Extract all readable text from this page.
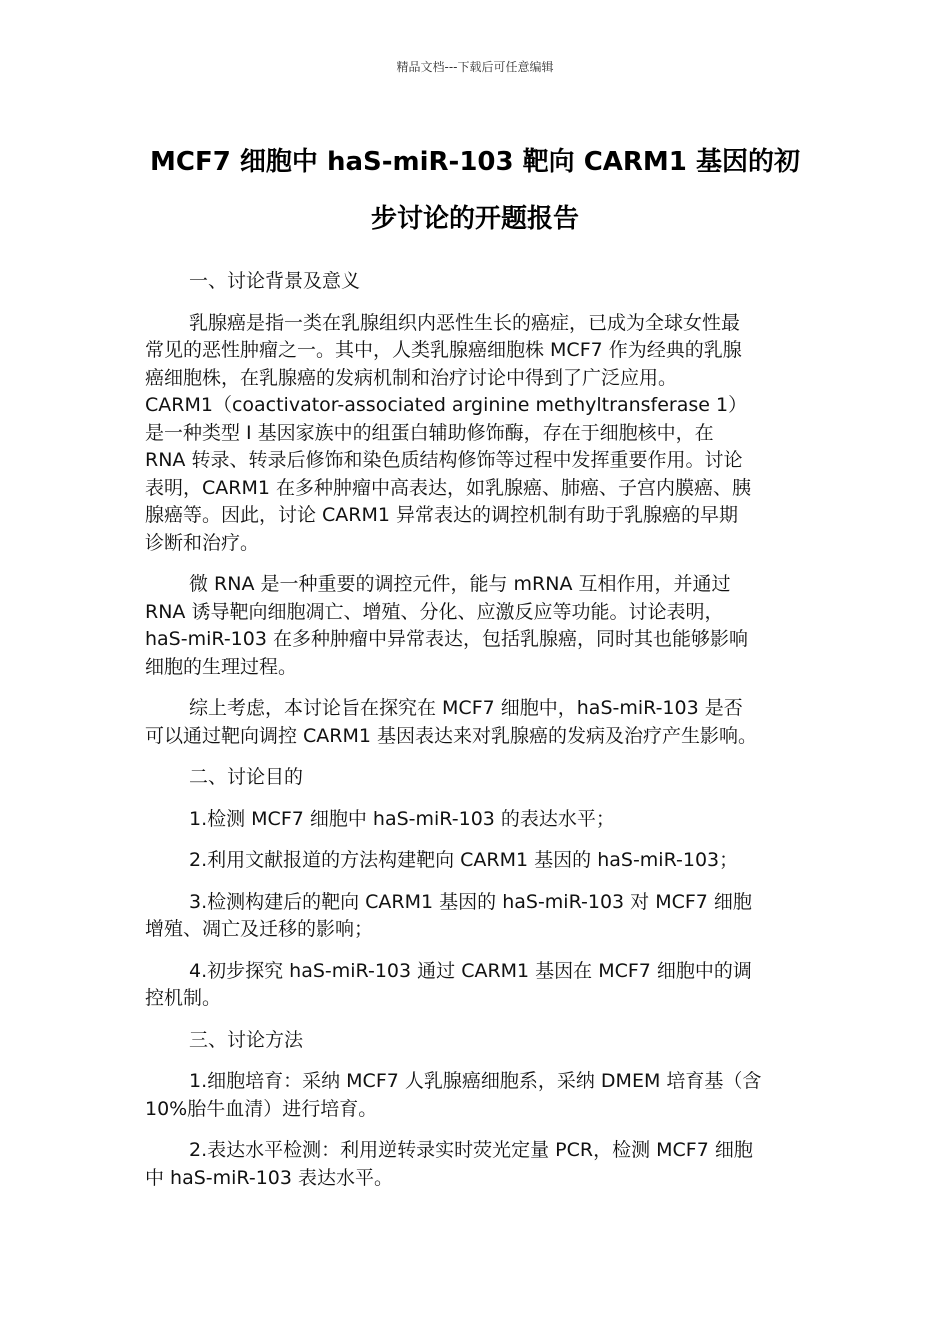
精品文档---下载后可任意编辑
MCF7 细胞中 haS-miR-103 靶向 CARM1 基因的初
步讨论的开题报告

一、讨论背景及意义

乳腺癌是指一类在乳腺组织内恶性生长的癌症，已成为全球女性最
常见的恶性肿瘤之一。其中，人类乳腺癌细胞株 MCF7 作为经典的乳腺
癌细胞株，在乳腺癌的发病机制和治疗讨论中得到了广泛应用。
CARM1（coactivator-associated arginine methyltransferase 1）
是一种类型 I 基因家族中的组蛋白辅助修饰酶，存在于细胞核中，在
RNA 转录、转录后修饰和染色质结构修饰等过程中发挥重要作用。讨论
表明，CARM1 在多种肿瘤中高表达，如乳腺癌、肺癌、子宫内膜癌、胰
腺癌等。因此，讨论 CARM1 异常表达的调控机制有助于乳腺癌的早期
诊断和治疗。

微 RNA 是一种重要的调控元件，能与 mRNA 互相作用，并通过
RNA 诱导靶向细胞凋亡、增殖、分化、应激反应等功能。讨论表明，
haS-miR-103 在多种肿瘤中异常表达，包括乳腺癌，同时其也能够影响
细胞的生理过程。

综上考虑，本讨论旨在探究在 MCF7 细胞中，haS-miR-103 是否
可以通过靶向调控 CARM1 基因表达来对乳腺癌的发病及治疗产生影响。

二、讨论目的

1.检测 MCF7 细胞中 haS-miR-103 的表达水平；

2.利用文献报道的方法构建靶向 CARM1 基因的 haS-miR-103；

3.检测构建后的靶向 CARM1 基因的 haS-miR-103 对 MCF7 细胞
增殖、凋亡及迁移的影响；

4.初步探究 haS-miR-103 通过 CARM1 基因在 MCF7 细胞中的调
控机制。

三、讨论方法

1.细胞培育：采纳 MCF7 人乳腺癌细胞系，采纳 DMEM 培育基（含
10%胎牛血清）进行培育。

2.表达水平检测：利用逆转录实时荧光定量 PCR，检测 MCF7 细胞
中 haS-miR-103 表达水平。
